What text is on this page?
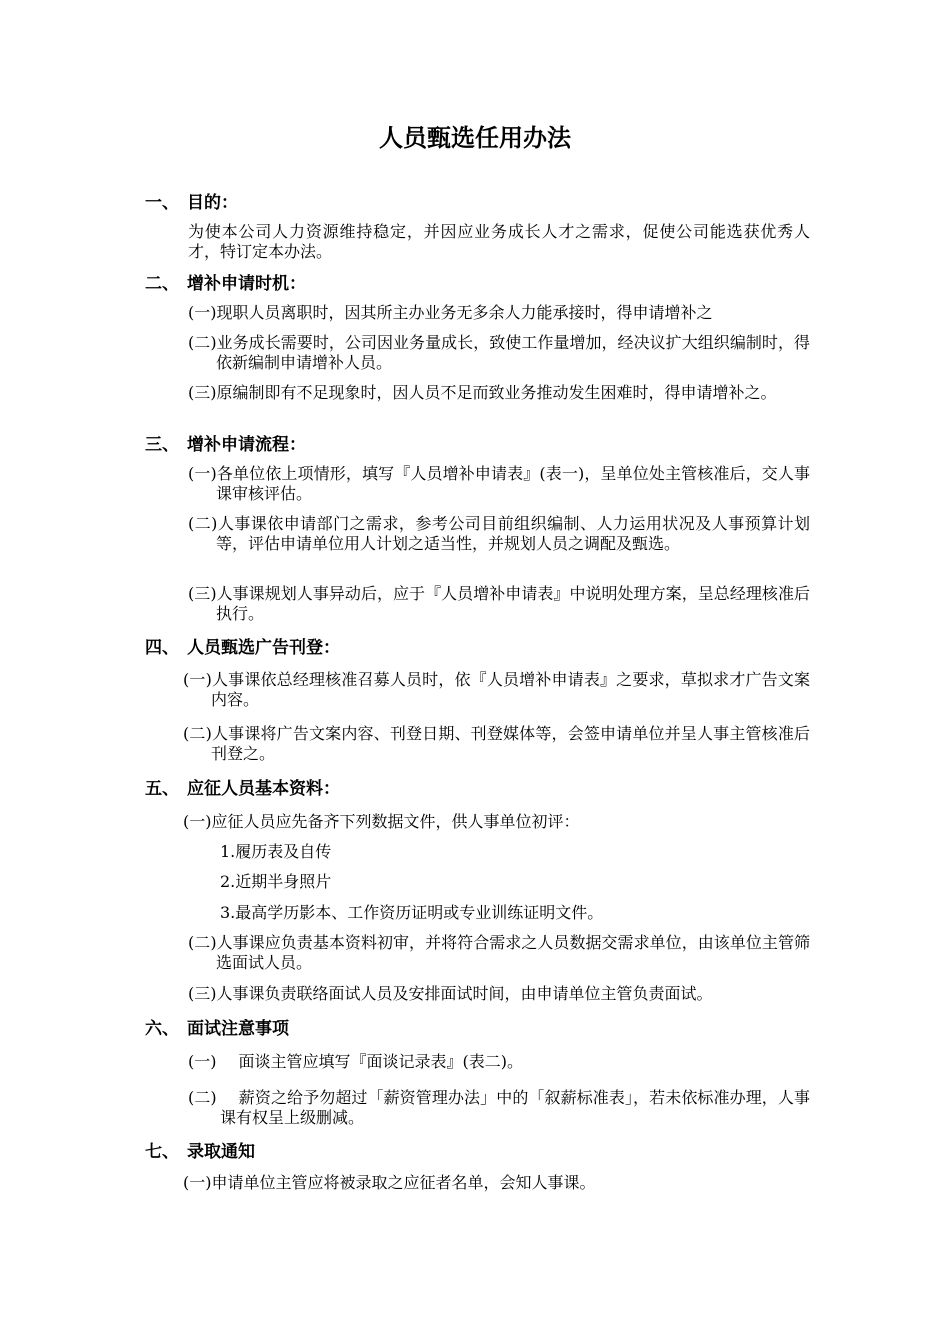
人员甄选任用办法
一、 目的：
为使本公司人力资源维持稳定，并因应业务成长人才之需求，促使公司能选获优秀人才，特订定本办法。
二、 增补申请时机：
(一)现职人员离职时，因其所主办业务无多余人力能承接时，得申请增补之
(二)业务成长需要时，公司因业务量成长，致使工作量增加，经决议扩大组织编制时，得依新编制申请增补人员。
(三)原编制即有不足现象时，因人员不足而致业务推动发生困难时，得申请增补之。
三、 增补申请流程：
(一)各单位依上项情形，填写『人员增补申请表』(表一)，呈单位处主管核准后，交人事课审核评估。
(二)人事课依申请部门之需求，参考公司目前组织编制、人力运用状况及人事预算计划等，评估申请单位用人计划之适当性，并规划人员之调配及甄选。
(三)人事课规划人事异动后，应于『人员增补申请表』中说明处理方案，呈总经理核准后执行。
四、 人员甄选广告刊登：
(一)人事课依总经理核准召募人员时，依『人员增补申请表』之要求，草拟求才广告文案内容。
(二)人事课将广告文案内容、刊登日期、刊登媒体等，会签申请单位并呈人事主管核准后刊登之。
五、 应征人员基本资料：
(一)应征人员应先备齐下列数据文件，供人事单位初评：
1.履历表及自传
2.近期半身照片
3.最高学历影本、工作资历证明或专业训练证明文件。
(二)人事课应负责基本资料初审，并将符合需求之人员数据交需求单位，由该单位主管筛选面试人员。
(三)人事课负责联络面试人员及安排面试时间，由申请单位主管负责面试。
六、 面试注意事项
(一) 面谈主管应填写『面谈记录表』(表二)。
(二) 薪资之给予勿超过「薪资管理办法」中的「叙薪标准表」，若未依标准办理，人事课有权呈上级删减。
七、 录取通知
(一)申请单位主管应将被录取之应征者名单，会知人事课。
